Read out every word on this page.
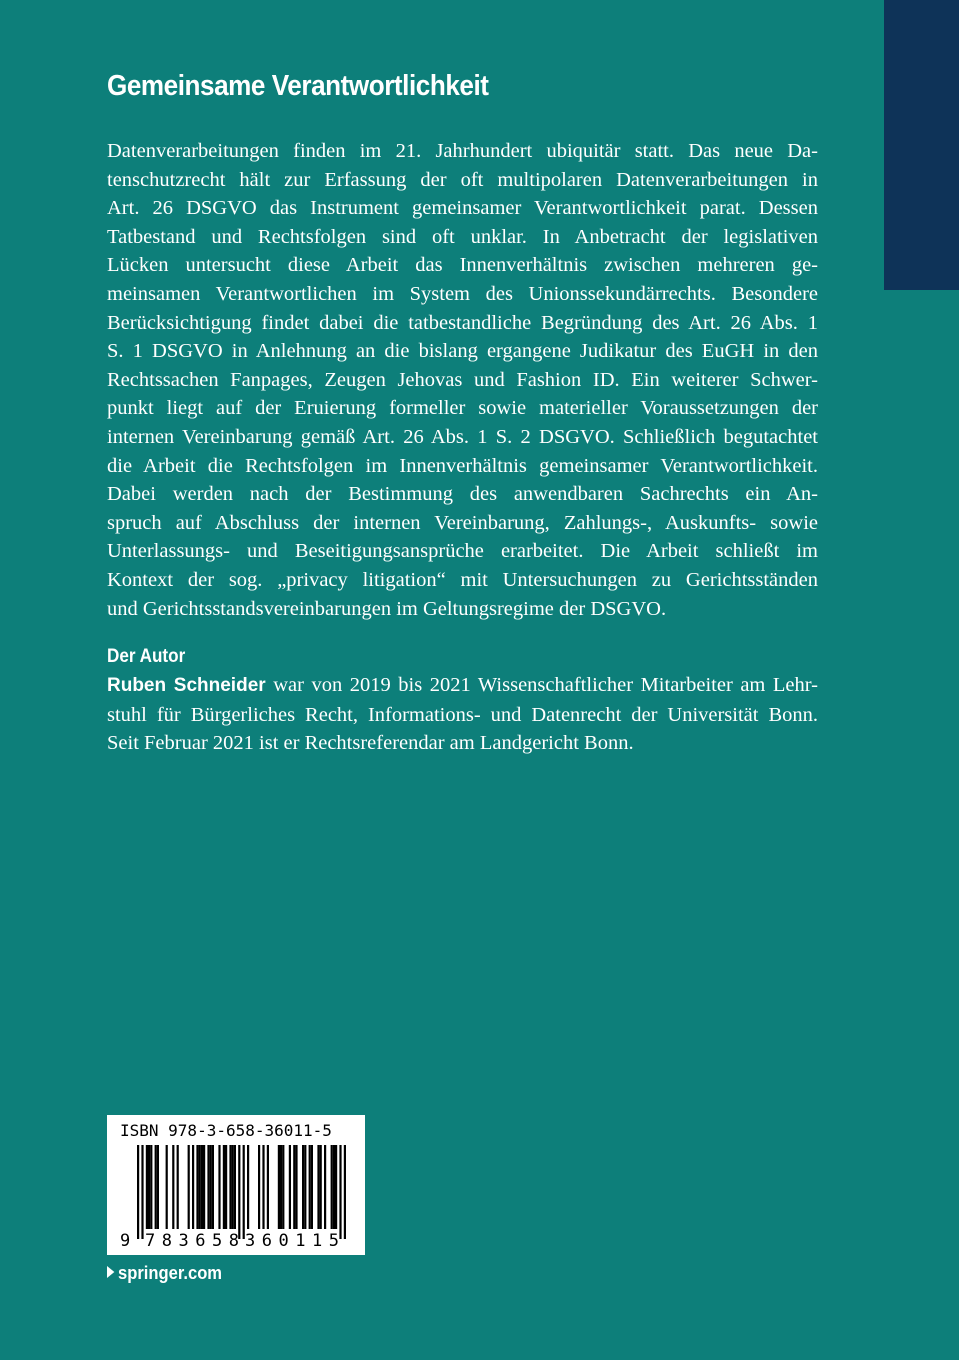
Gemeinsame Verantwortlichkeit
Datenverarbeitungen finden im 21. Jahrhundert ubiquitär statt. Das neue Da-
tenschutzrecht hält zur Erfassung der oft multipolaren Datenverarbeitungen in
Art. 26 DSGVO das Instrument gemeinsamer Verantwortlichkeit parat. Dessen
Tatbestand und Rechtsfolgen sind oft unklar. In Anbetracht der legislativen
Lücken untersucht diese Arbeit das Innenverhältnis zwischen mehreren ge-
meinsamen Verantwortlichen im System des Unionssekundärrechts. Besondere
Berücksichtigung findet dabei die tatbestandliche Begründung des Art. 26 Abs. 1
S. 1 DSGVO in Anlehnung an die bislang ergangene Judikatur des EuGH in den
Rechtssachen Fanpages, Zeugen Jehovas und Fashion ID. Ein weiterer Schwer-
punkt liegt auf der Eruierung formeller sowie materieller Voraussetzungen der
internen Vereinbarung gemäß Art. 26 Abs. 1 S. 2 DSGVO. Schließlich begutachtet
die Arbeit die Rechtsfolgen im Innenverhältnis gemeinsamer Verantwortlichkeit.
Dabei werden nach der Bestimmung des anwendbaren Sachrechts ein An-
spruch auf Abschluss der internen Vereinbarung, Zahlungs-, Auskunfts- sowie
Unterlassungs- und Beseitigungsansprüche erarbeitet. Die Arbeit schließt im
Kontext der sog. „privacy litigation“ mit Untersuchungen zu Gerichtsständen
und Gerichtsstandsvereinbarungen im Geltungsregime der DSGVO.
Der Autor
Ruben Schneider war von 2019 bis 2021 Wissenschaftlicher Mitarbeiter am Lehr-
stuhl für Bürgerliches Recht, Informations- und Datenrecht der Universität Bonn.
Seit Februar 2021 ist er Rechtsreferendar am Landgericht Bonn.
ISBN 978-3-658-36011-5
9 783658 360115
springer.com
